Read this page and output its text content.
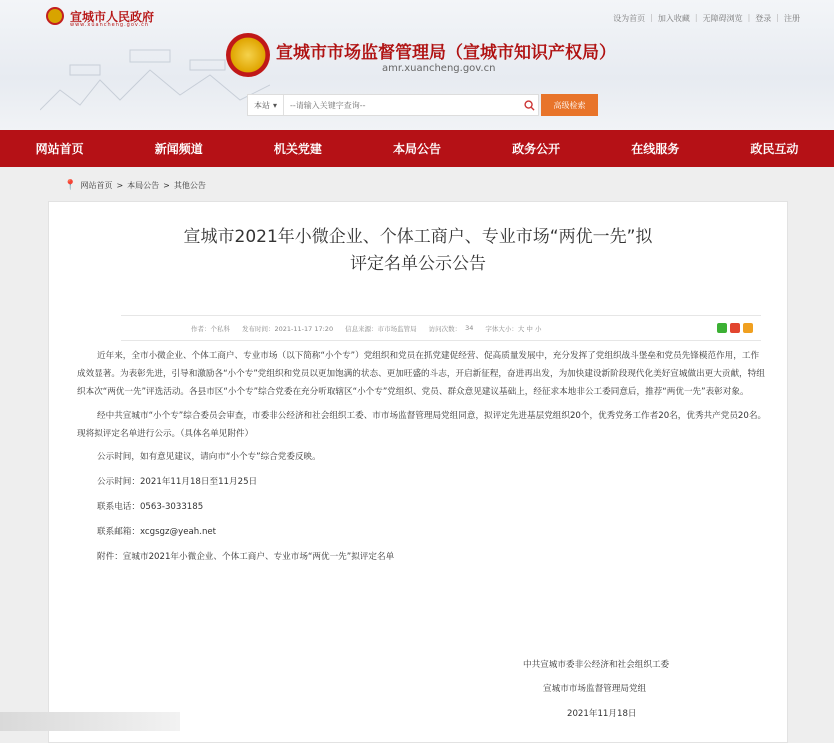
宣城市人民政府
www.xuancheng.gov.cn
设为首页 | 加入收藏 | 无障碍浏览 | 登录 | 注册
宣城市市场监督管理局（宣城市知识产权局）
amr.xuancheng.gov.cn
本站 ▾
--请输入关键字查询--	高级检索
网站首页	新闻频道	机关党建	本局公告	政务公开	在线服务	政民互动
📍 网站首页 > 本局公告 > 其他公告
宣城市2021年小微企业、个体工商户、专业市场“两优一先”拟
评定名单公示公告
作者：个私科 发布时间：2021-11-17 17:20 信息来源：市市场监管局 访问次数： 34 字体大小：大 中 小

近年来，全市小微企业、个体工商户、专业市场（以下简称“小个专”）党组织和党员在抓党建促经营、促高质量发展中，充分发挥了党组织战斗堡垒和党员先锋模范作用，工作成效显著。为表彰先进，引导和激励各“小个专”党组织和党员以更加饱满的状态、更加旺盛的斗志，开启新征程，奋进再出发，为加快建设新阶段现代化美好宣城做出更大贡献，特组织本次“两优一先”评选活动。各县市区“小个专”综合党委在充分听取辖区“小个专”党组织、党员、群众意见建议基础上，经征求本地非公工委同意后，推荐“两优一先”表彰对象。

经中共宣城市“小个专”综合委员会审查，市委非公经济和社会组织工委、市市场监督管理局党组同意，拟评定先进基层党组织20个，优秀党务工作者20名，优秀共产党员20名。现将拟评定名单进行公示。（具体名单见附件）

公示时间，如有意见建议，请向市“小个专”综合党委反映。
公示时间：2021年11月18日至11月25日
联系电话：0563-3033185
联系邮箱：xcgsgz@yeah.net
附件：宣城市2021年小微企业、个体工商户、专业市场“两优一先”拟评定名单
中共宣城市委非公经济和社会组织工委
宣城市市场监督管理局党组
2021年11月18日
